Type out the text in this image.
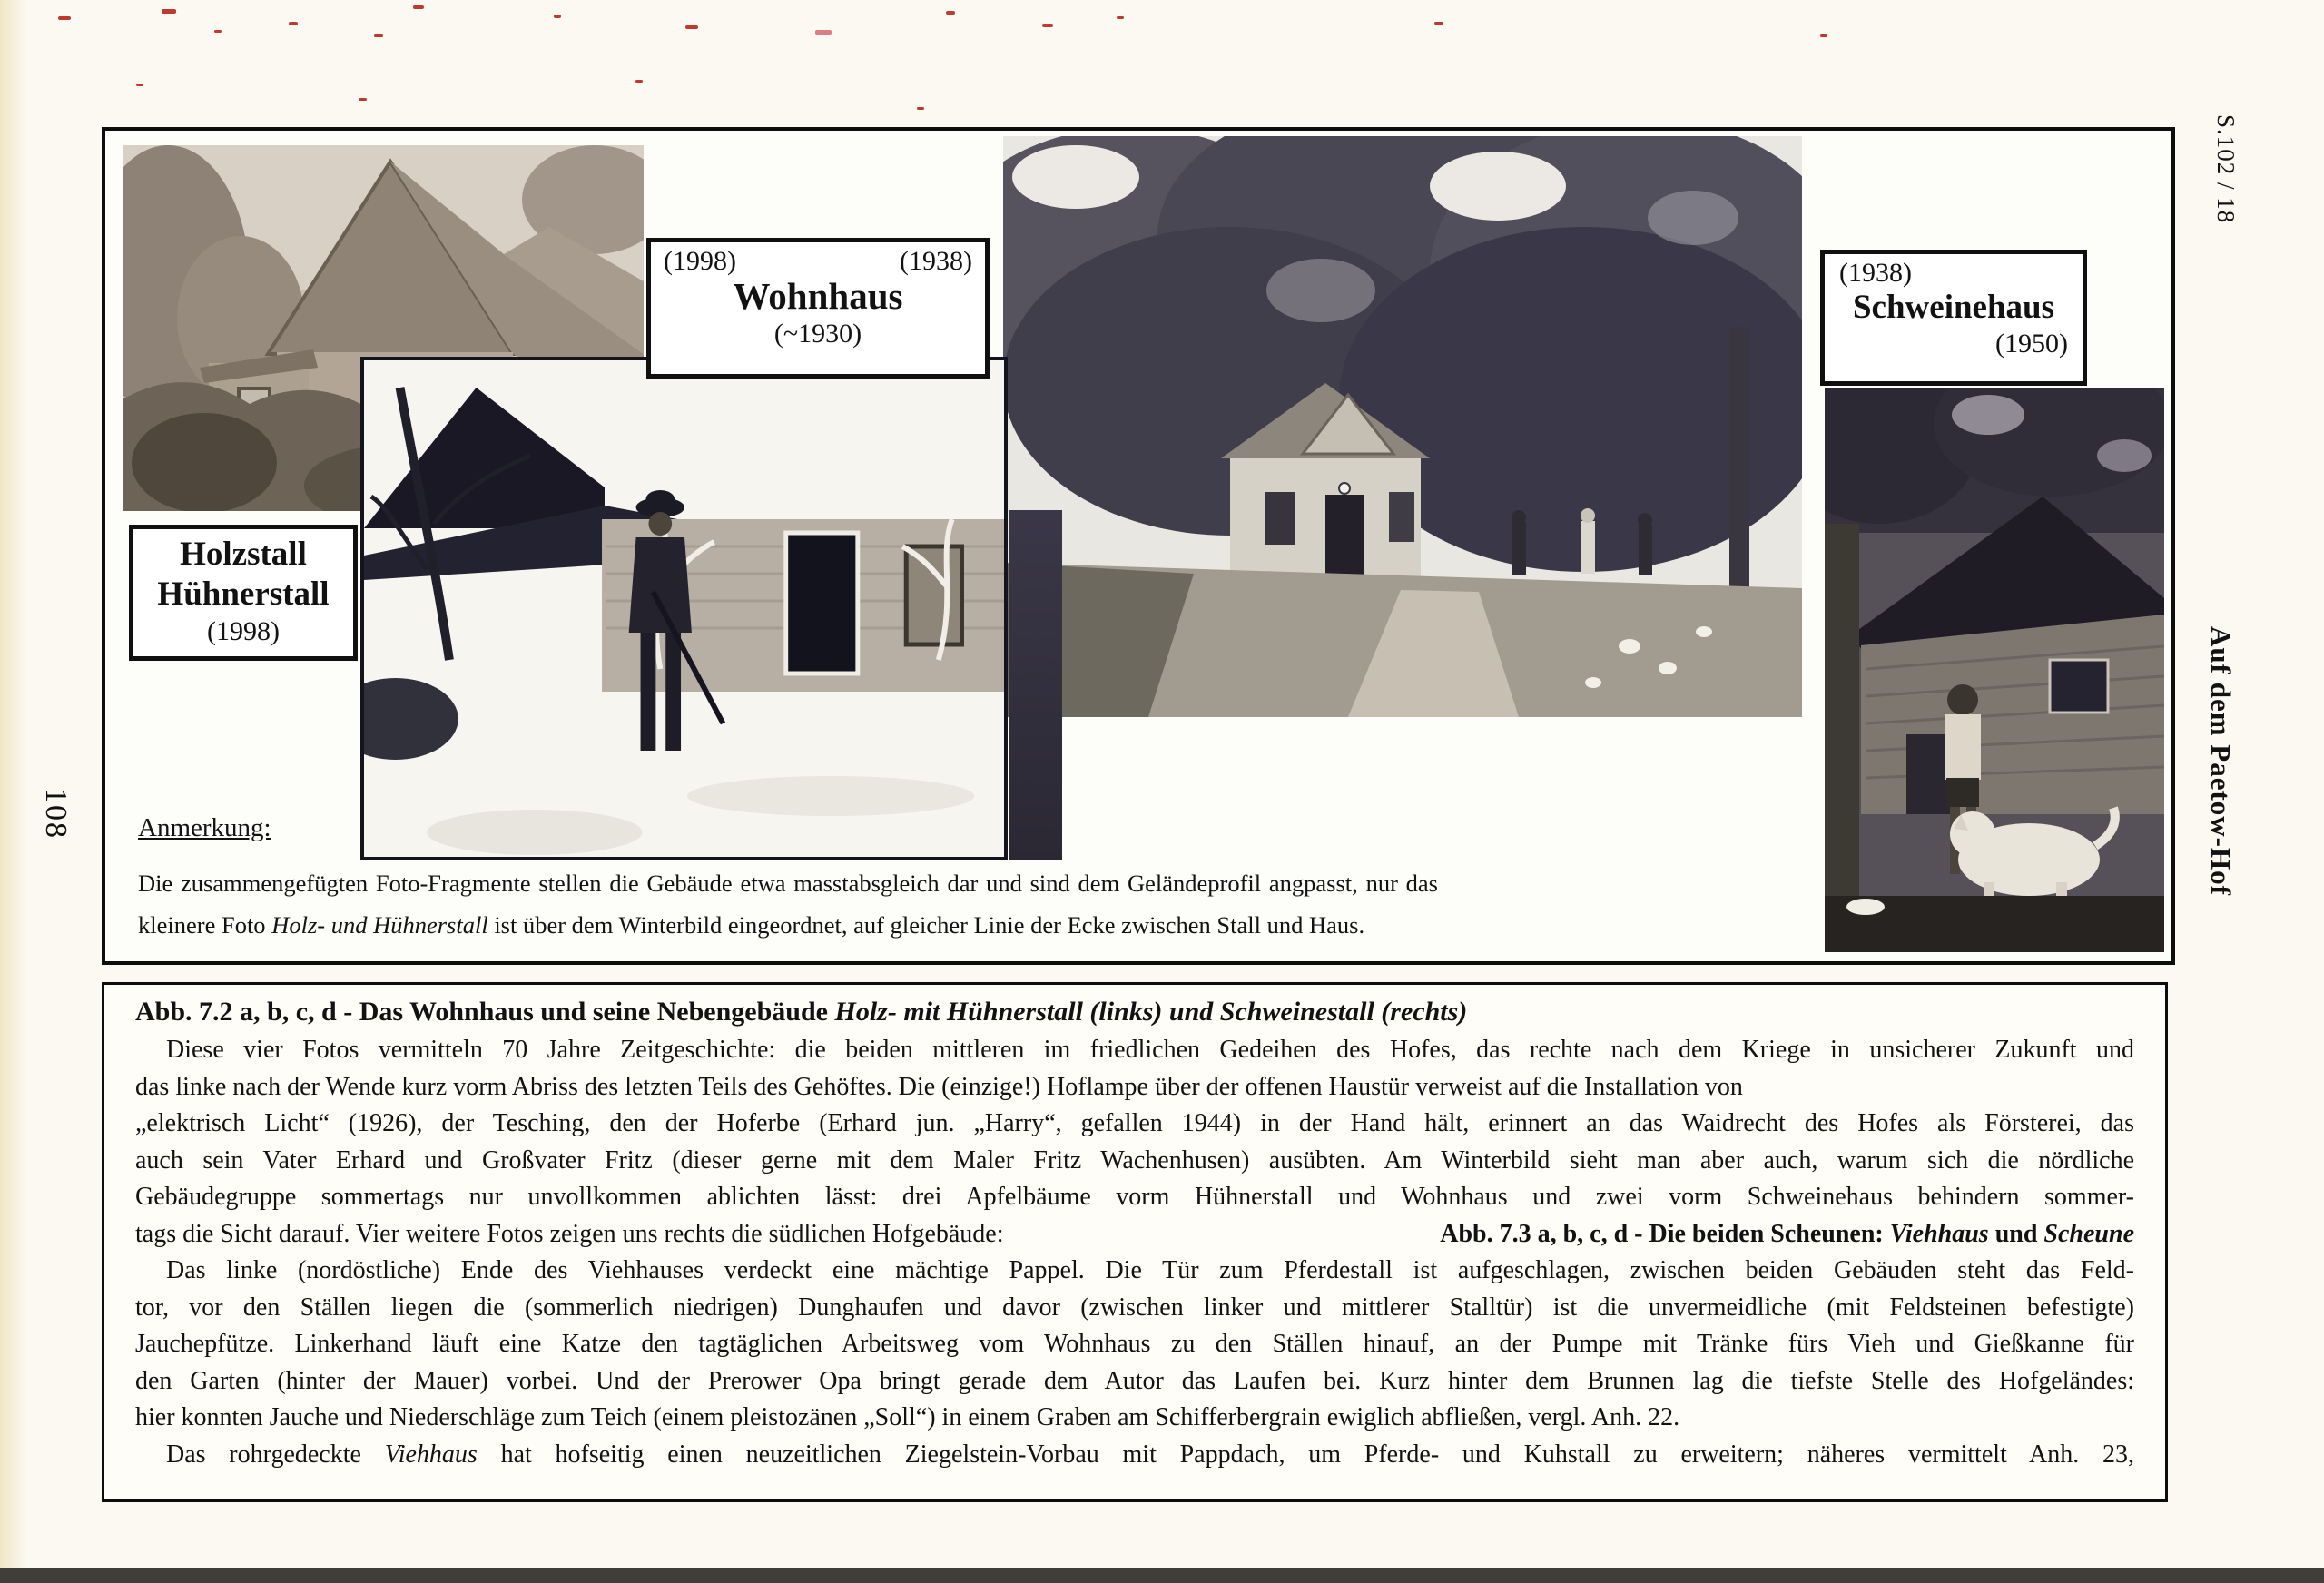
108
S.102 / 18
Auf dem Paetow-Hof
Holzstall
Hühnerstall
(1998)
(1998)	(1938)
Wohnhaus
(~1930)
(1938)
Schweinehaus
(1950)
Anmerkung:
Die zusammengefügten Foto-Fragmente stellen die Gebäude etwa masstabsgleich dar und sind dem Geländeprofil angpasst, nur das
kleinere Foto Holz- und Hühnerstall ist über dem Winterbild eingeordnet, auf gleicher Linie der Ecke zwischen Stall und Haus.
Abb. 7.2 a, b, c, d - Das Wohnhaus und seine Nebengebäude Holz- mit Hühnerstall (links) und Schweinestall (rechts)
Diese vier Fotos vermitteln 70 Jahre Zeitgeschichte: die beiden mittleren im friedlichen Gedeihen des Hofes, das rechte nach dem Kriege in unsicherer Zukunft und
das linke nach der Wende kurz vorm Abriss des letzten Teils des Gehöftes. Die (einzige!) Hoflampe über der offenen Haustür verweist auf die Installation von
„elektrisch Licht“ (1926), der Tesching, den der Hoferbe (Erhard jun. „Harry“, gefallen 1944) in der Hand hält, erinnert an das Waidrecht des Hofes als Försterei, das
auch sein Vater Erhard und Großvater Fritz (dieser gerne mit dem Maler Fritz Wachenhusen) ausübten. Am Winterbild sieht man aber auch, warum sich die nördliche
Gebäudegruppe sommertags nur unvollkommen ablichten lässt: drei Apfelbäume vorm Hühnerstall und Wohnhaus und zwei vorm Schweinehaus behindern sommer-
tags die Sicht darauf. Vier weitere Fotos zeigen uns rechts die südlichen Hofgebäude:	Abb. 7.3 a, b, c, d - Die beiden Scheunen: Viehhaus und Scheune
Das linke (nordöstliche) Ende des Viehhauses verdeckt eine mächtige Pappel. Die Tür zum Pferdestall ist aufgeschlagen, zwischen beiden Gebäuden steht das Feld-
tor, vor den Ställen liegen die (sommerlich niedrigen) Dunghaufen und davor (zwischen linker und mittlerer Stalltür) ist die unvermeidliche (mit Feldsteinen befestigte)
Jauchepfütze. Linkerhand läuft eine Katze den tagtäglichen Arbeitsweg vom Wohnhaus zu den Ställen hinauf, an der Pumpe mit Tränke fürs Vieh und Gießkanne für
den Garten (hinter der Mauer) vorbei. Und der Prerower Opa bringt gerade dem Autor das Laufen bei. Kurz hinter dem Brunnen lag die tiefste Stelle des Hofgeländes:
hier konnten Jauche und Niederschläge zum Teich (einem pleistozänen „Soll“) in einem Graben am Schifferbergrain ewiglich abfließen, vergl. Anh. 22.
Das rohrgedeckte Viehhaus hat hofseitig einen neuzeitlichen Ziegelstein-Vorbau mit Pappdach, um Pferde- und Kuhstall zu erweitern; näheres vermittelt Anh. 23,
